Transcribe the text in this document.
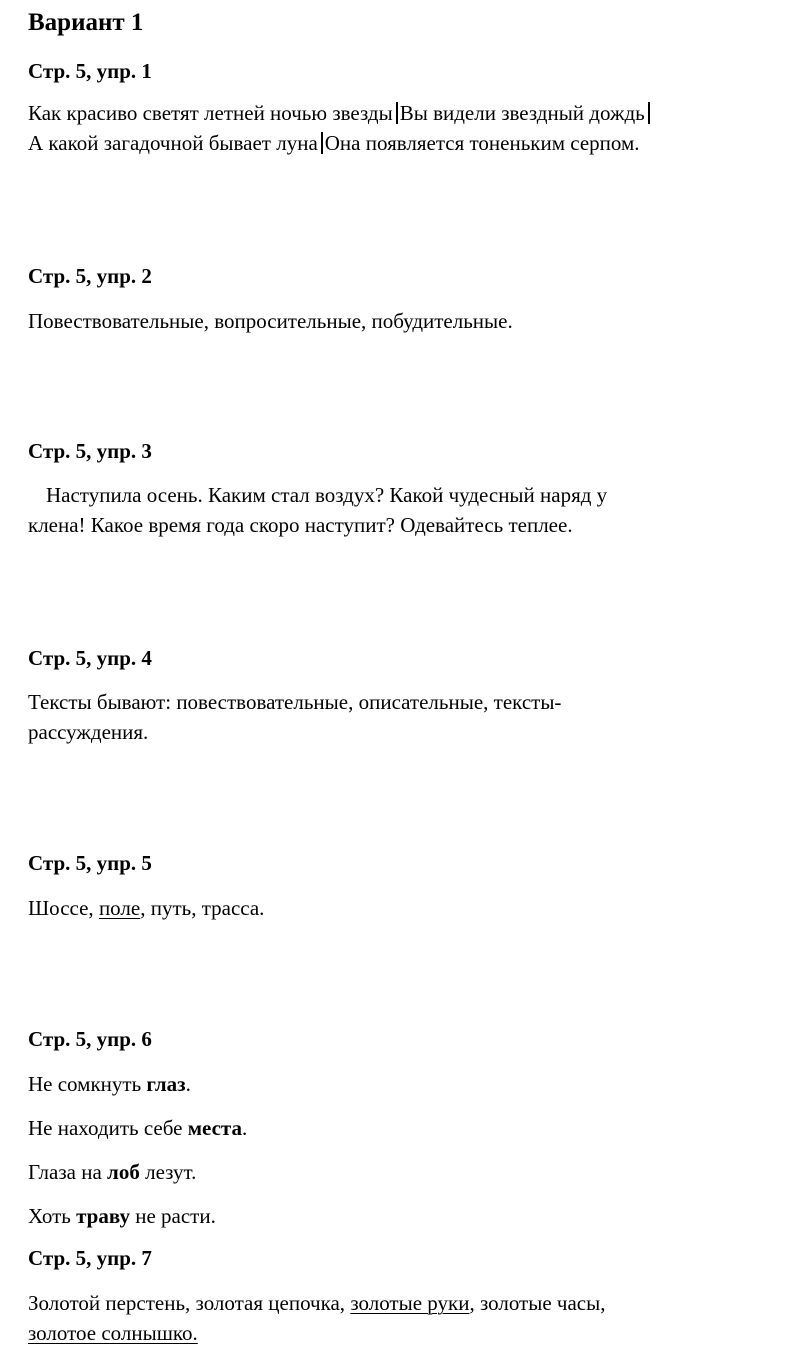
Вариант 1
Стр. 5, упр. 1
Как красиво светят летней ночью звезды Вы видели звездный дождь
А какой загадочной бывает луна Она появляется тоненьким серпом.
Стр. 5, упр. 2
Повествовательные, вопросительные, побудительные.
Стр. 5, упр. 3
Наступила осень. Каким стал воздух? Какой чудесный наряд у
клена! Какое время года скоро наступит? Одевайтесь теплее.
Стр. 5, упр. 4
Тексты бывают: повествовательные, описательные, тексты-
рассуждения.
Стр. 5, упр. 5
Шоссе, поле, путь, трасса.
Стр. 5, упр. 6
Не сомкнуть глаз.
Не находить себе места.
Глаза на лоб лезут.
Хоть траву не расти.
Стр. 5, упр. 7
Золотой перстень, золотая цепочка, золотые руки, золотые часы,
золотое солнышко.
